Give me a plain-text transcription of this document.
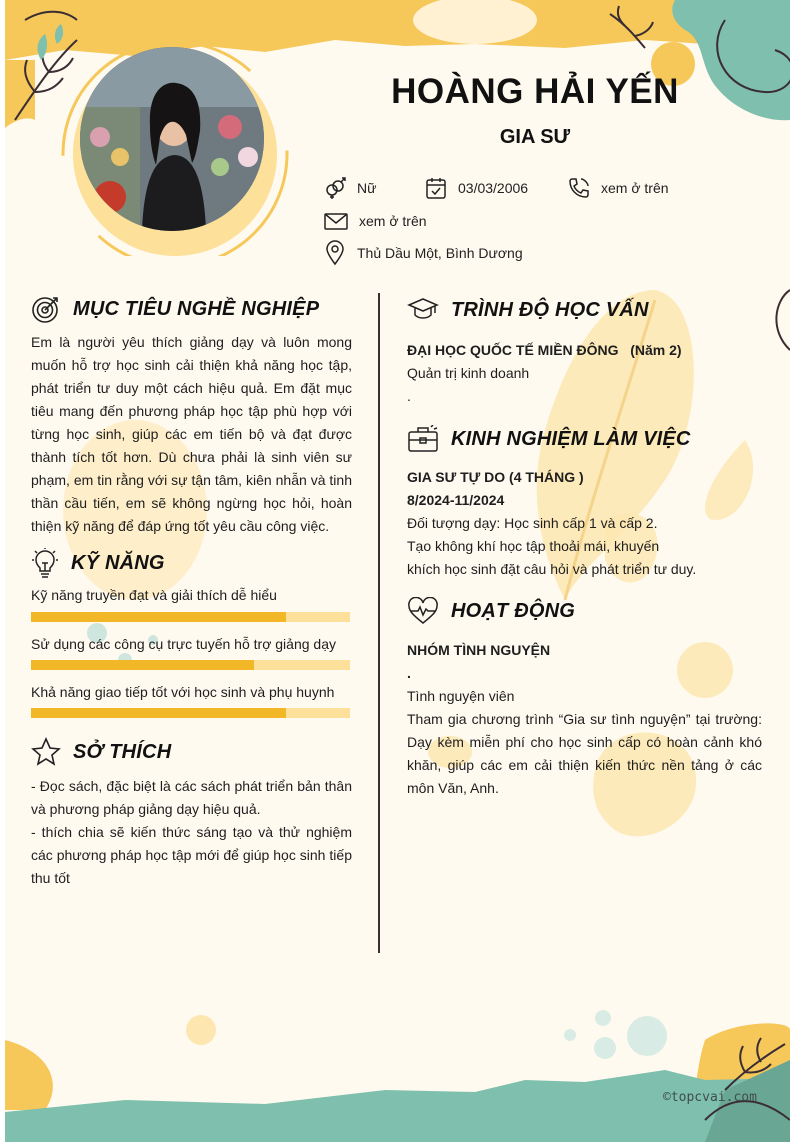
HOÀNG HẢI YẾN
GIA SƯ
Nữ	03/03/2006	xem ở trên
xem ở trên
Thủ Dầu Một, Bình Dương
MỤC TIÊU NGHỀ NGHIỆP

Em là người yêu thích giảng dạy và luôn mong muốn hỗ trợ học sinh cải thiện khả năng học tập, phát triển tư duy một cách hiệu quả. Em đặt mục tiêu mang đến phương pháp học tập phù hợp với từng học sinh, giúp các em tiến bộ và đạt được thành tích tốt hơn. Dù chưa phải là sinh viên sư phạm, em tin rằng với sự tận tâm, kiên nhẫn và tinh thần cầu tiến, em sẽ không ngừng học hỏi, hoàn thiện kỹ năng để đáp ứng tốt yêu cầu công việc.

KỸ NĂNG
Kỹ năng truyền đạt và giải thích dễ hiểu
Sử dụng các công cụ trực tuyến hỗ trợ giảng dạy
Khả năng giao tiếp tốt với học sinh và phụ huynh
SỞ THÍCH

- Đọc sách, đặc biệt là các sách phát triển bản thân và phương pháp giảng dạy hiệu quả.

- thích chia sẽ kiến thức sáng tạo và thử nghiệm các phương pháp học tập mới để giúp học sinh tiếp thu tốt

TRÌNH ĐỘ HỌC VẤN
ĐẠI HỌC QUỐC TẾ MIỀN ĐÔNG (Năm 2)
Quản trị kinh doanh
.
KINH NGHIỆM LÀM VIỆC
GIA SƯ TỰ DO (4 THÁNG )
8/2024-11/2024
Đối tượng dạy: Học sinh cấp 1 và cấp 2.
Tạo không khí học tập thoải mái, khuyến
khích học sinh đặt câu hỏi và phát triển tư duy.
HOẠT ĐỘNG
NHÓM TÌNH NGUYỆN
.
Tình nguyện viên

Tham gia chương trình “Gia sư tình nguyện” tại trường: Dạy kèm miễn phí cho học sinh cấp có hoàn cảnh khó khăn, giúp các em cải thiện kiến thức nền tảng ở các môn Văn, Anh.

©topcvai.com
